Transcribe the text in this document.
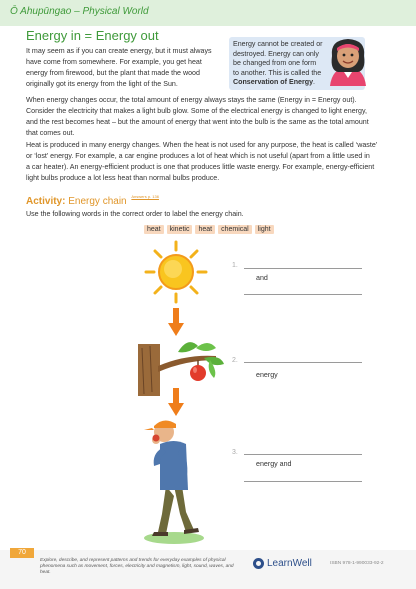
Ō Ahupūngao – Physical World
Energy in = Energy out
It may seem as if you can create energy, but it must always
have come from somewhere. For example, you get heat
energy from firewood, but the plant that made the wood
originally got its energy from the light of the Sun.
Energy cannot be created or
destroyed. Energy can only
be changed from one form
to another. This is called the
Conservation of Energy.
When energy changes occur, the total amount of energy always stays the same (Energy in = Energy out).
Consider the electricity that makes a light bulb glow. Some of the electrical energy is changed to light energy,
and the rest becomes heat – but the amount of energy that went into the bulb is the same as the total amount
that comes out.
Heat is produced in many energy changes. When the heat is not used for any purpose, the heat is called ‘waste’
or ‘lost’ energy. For example, a car engine produces a lot of heat which is not useful (apart from a little used in
a car heater). An energy-efficient product is one that produces little waste energy. For example, energy-efficient
light bulbs produce a lot less heat than normal bulbs produce.
Activity: Energy chain $^{Answers p. 136}$
Use the following words in the correct order to label the energy chain.
heat	kinetic	heat	chemical	light
1.
and
2.
energy
3.
energy and
70
Explore, describe, and represent patterns and trends for everyday examples of physical phenomena such as movement, forces, electricity and magnetism, light, sound, waves, and heat.
LearnWell	ISBN 978-1-990033-92-2
